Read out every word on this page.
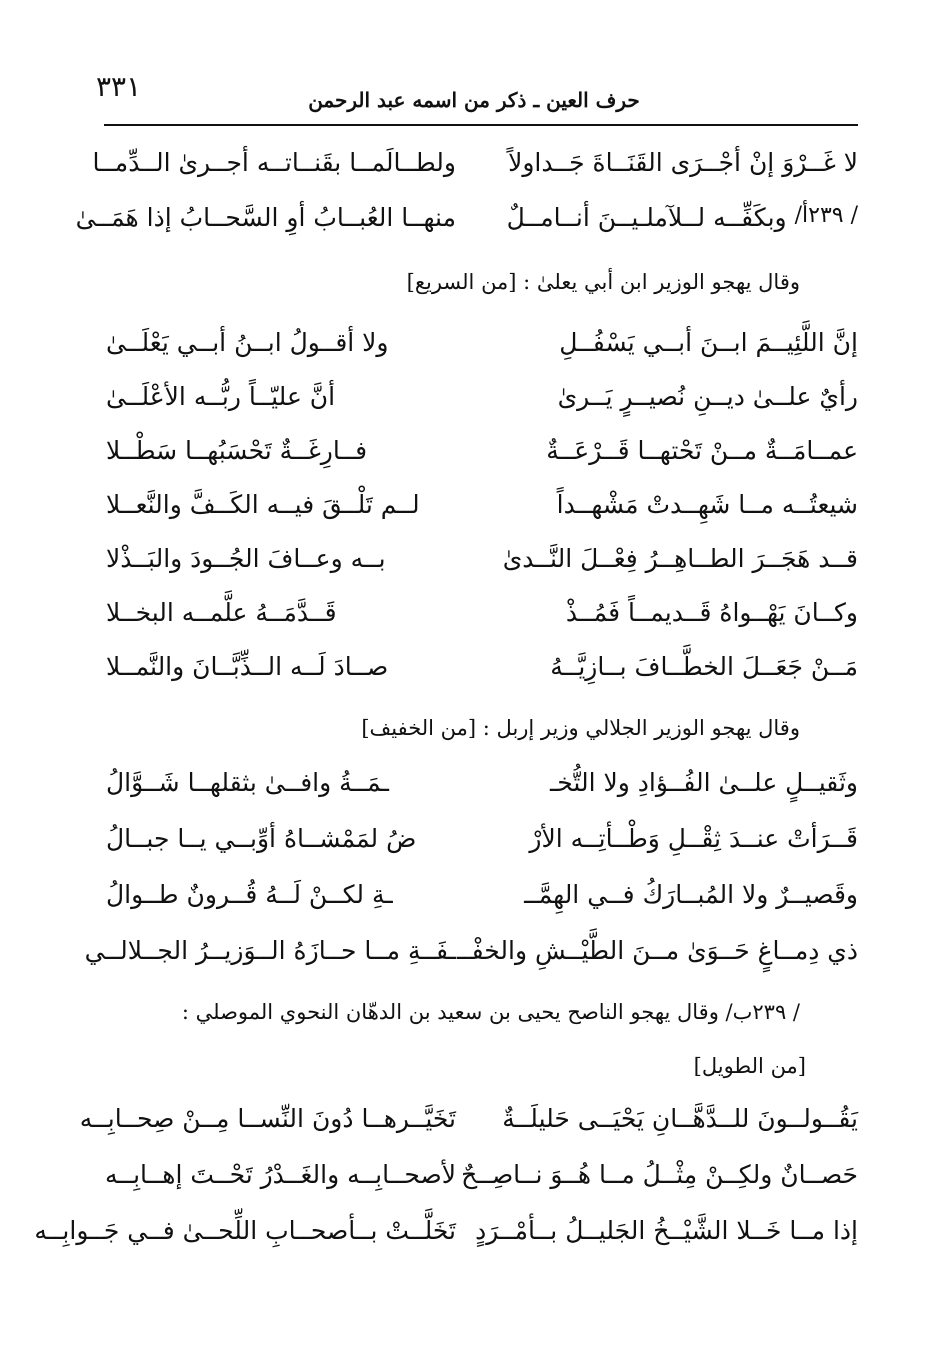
٣٣١	حرف العين ـ ذكر من اسمه عبد الرحمن
لا غَــرْوَ إنْ أجْــرَى القَنَــاةَ جَــداولاً
ولطــالَمــا بقَنــاتــه أجــرىٰ الــدِّمــا
/ ٢٣٩أ/
وبكَفِّــه لــلآملـيــنَ أنــامــلٌ
منهــا العُبــابُ أوِ السَّحــابُ إذا هَمَــىٰ
وقال يهجو الوزير ابن أبي يعلىٰ : [من السريع]
إنَّ اللَّئِيــمَ ابــنَ أبــي يَسْفُــلِ
ولا أقــولُ ابــنُ أبــي يَعْلَــىٰ
رأيٌ علــىٰ ديــنِ نُصيــرٍ يَــرىٰ
أنَّ عليّــاً ربُّــه الأعْلَــىٰ
عمــامَــةٌ مــنْ تَحْتهــا قَــرْعَــةٌ
فــارِغَــةٌ تَحْسَبُهــا سَطْــلا
شيعتُــه مــا شَهِــدتْ مَشْهــداً
لــم تَلْــقَ فيــه الكَــفَّ والنَّعــلا
قــد هَجَــرَ الطــاهِــرُ فِعْــلَ النَّــدىٰ
بــه وعــافَ الجُــودَ والبَــذْلا
وكــانَ يَهْــواهُ قَــديمــاً فَمُــذْ
قَــدَّمَــهُ علَّمــه البخــلا
مَــنْ جَعَــلَ الخطَّــافَ بــازِيَّــهُ
صــادَ لَــه الــذِّبَّــانَ والنَّمــلا
وقال يهجو الوزير الجلالي وزير إربل : [من الخفيف]
وثَقيــلٍ علــىٰ الفُــؤادِ ولا التُّخـ
ـمَــةُ وافــىٰ بثقلهــا شَــوَّالُ
قَــرَأتْ عنــدَ ثِقْــلِ وَطْــأتِــه الأرْ
ضُ لمَمْشــاهُ أوِّبــي يــا جبــالُ
وقَصيــرٌ ولا المُبــارَكُ فــي الهِمَّــ
ـةِ لكــنْ لَــهُ قُــرونٌ طــوالُ
ذي دِمــاغٍ حَــوَىٰ مــنَ الطَّيْــشِ والخفْــ
ـفَــةِ مــا حــازَهُ الــوَزيــرُ الجــلالــي
/ ٢٣٩ب/ وقال يهجو الناصح يحيى بن سعيد بن الدهّان النحوي الموصلي :
[من الطويل]
يَقُــولــونَ للــدَّهَّــانِ يَحْيَــى حَليلَــةٌ
تَخَيَّــرهــا دُونَ النِّســا مِــنْ صِحــابِــه
حَصــانٌ ولكِــنْ مِثْــلُ مــا هُــوَ نــاصِــحٌ
لأصحــابِــه والغَــدْرُ تَحْــتَ إهــابِــه
إذا مــا خَــلا الشَّيْــخُ الجَليــلُ بــأمْــرَدٍ
تَخَلَّــتْ بــأصحــابِ اللِّحــىٰ فــي جَــوابِــه
